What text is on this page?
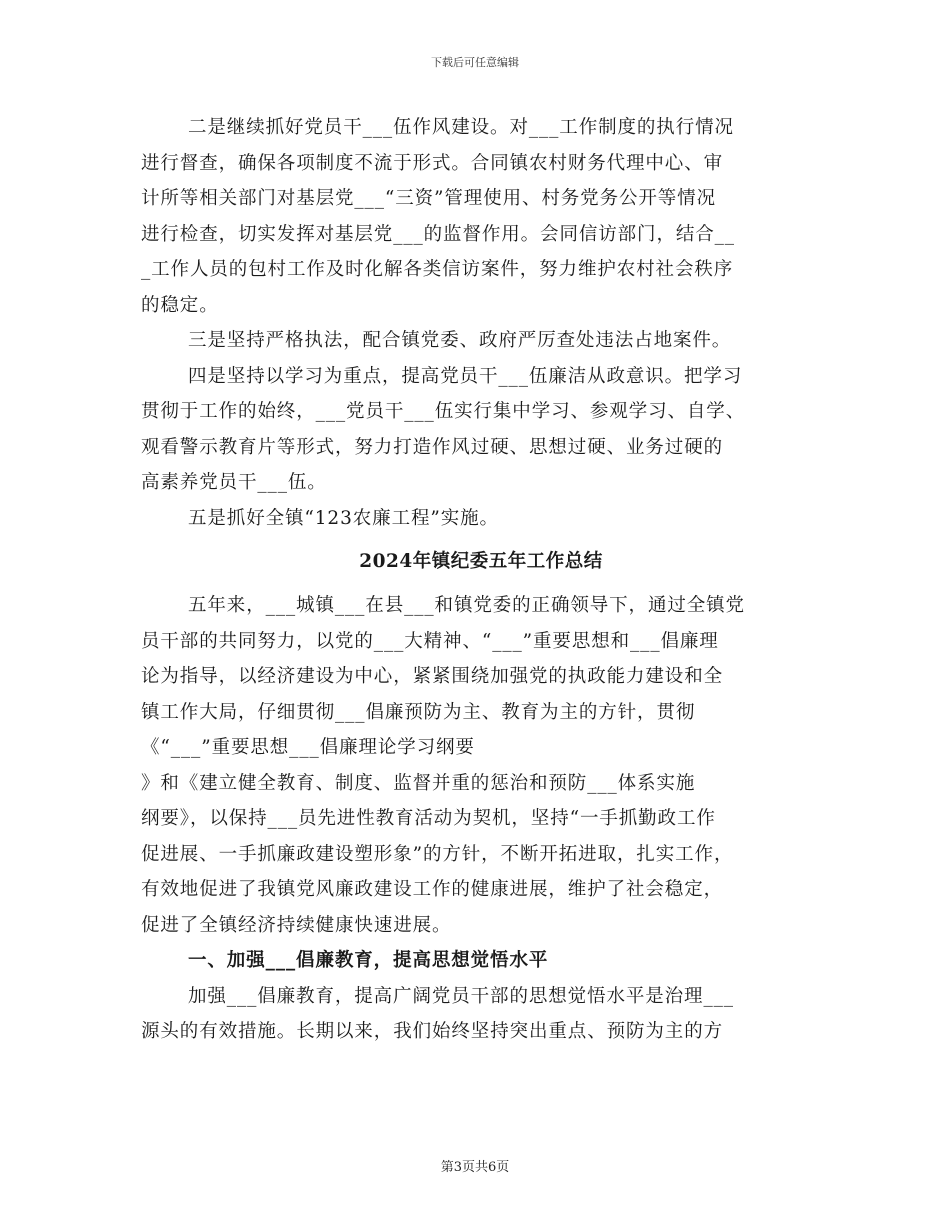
下载后可任意编辑
二是继续抓好党员干___伍作风建设。对___工作制度的执行情况
进行督查，确保各项制度不流于形式。合同镇农村财务代理中心、审
计所等相关部门对基层党___“三资”管理使用、村务党务公开等情况
进行检查，切实发挥对基层党___的监督作用。会同信访部门，结合__
_工作人员的包村工作及时化解各类信访案件，努力维护农村社会秩序
的稳定。
三是坚持严格执法，配合镇党委、政府严厉查处违法占地案件。
四是坚持以学习为重点，提高党员干___伍廉洁从政意识。把学习
贯彻于工作的始终，___党员干___伍实行集中学习、参观学习、自学、
观看警示教育片等形式，努力打造作风过硬、思想过硬、业务过硬的
高素养党员干___伍。
五是抓好全镇“123农廉工程”实施。
2024年镇纪委五年工作总结
五年来，___城镇___在县___和镇党委的正确领导下，通过全镇党
员干部的共同努力，以党的___大精神、“___”重要思想和___倡廉理
论为指导，以经济建设为中心，紧紧围绕加强党的执政能力建设和全
镇工作大局，仔细贯彻___倡廉预防为主、教育为主的方针，贯彻
《“___”重要思想___倡廉理论学习纲要
》和《建立健全教育、制度、监督并重的惩治和预防___体系实施
纲要》，以保持___员先进性教育活动为契机，坚持“一手抓勤政工作
促进展、一手抓廉政建设塑形象”的方针，不断开拓进取，扎实工作，
有效地促进了我镇党风廉政建设工作的健康进展，维护了社会稳定，
促进了全镇经济持续健康快速进展。
一、加强___倡廉教育，提高思想觉悟水平
加强___倡廉教育，提高广阔党员干部的思想觉悟水平是治理___
源头的有效措施。长期以来，我们始终坚持突出重点、预防为主的方
第3页共6页
